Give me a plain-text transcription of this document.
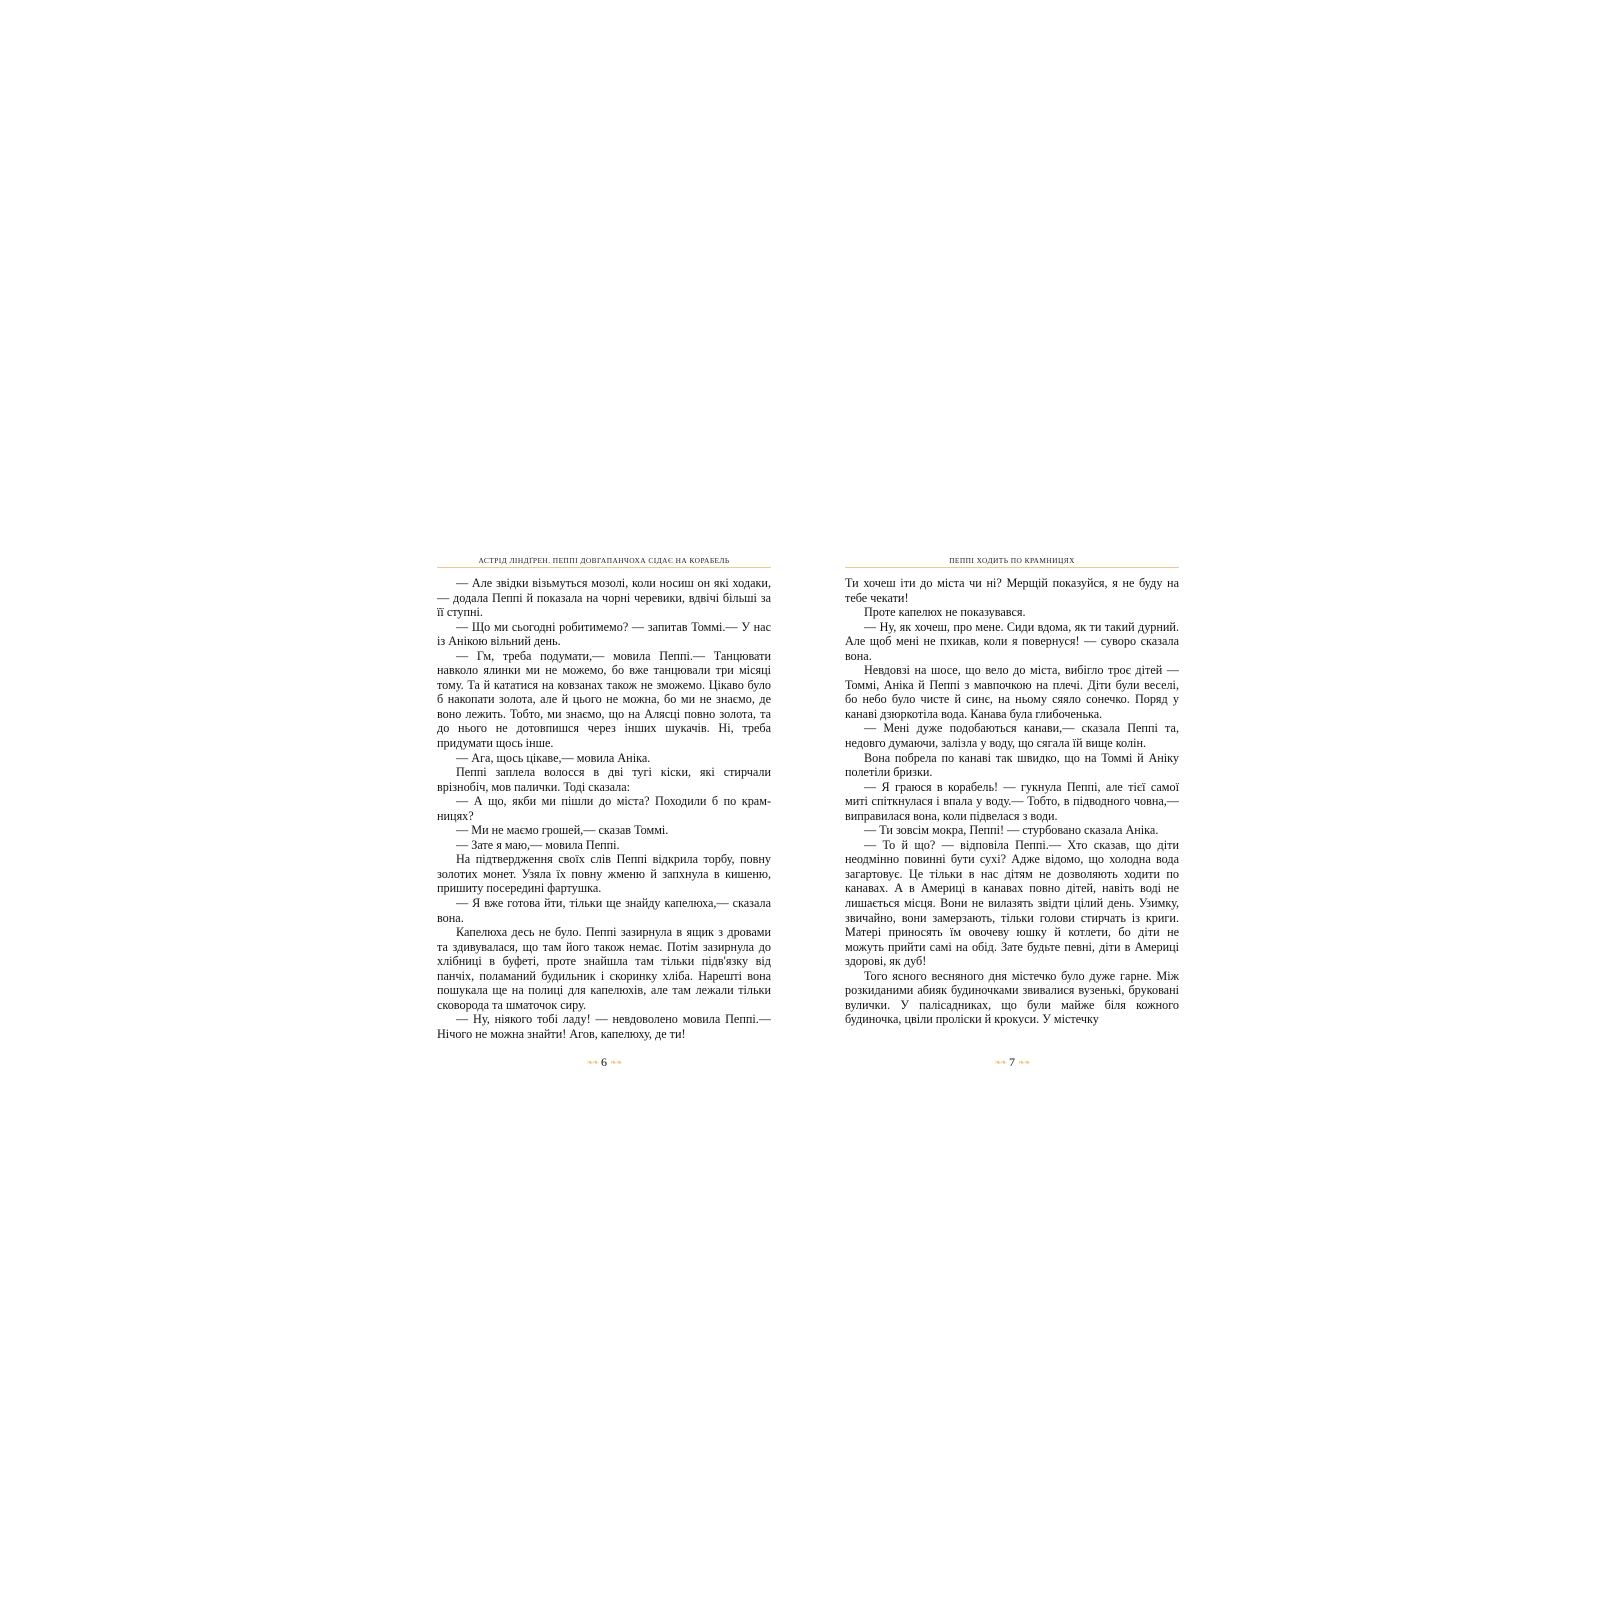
АСТРІД ЛІНДҐРЕН. ПЕППІ ДОВГАПАНЧОХА СІДАЄ НА КОРАБЕЛЬ

— Але звідки візьмуться мозолі, коли носиш он які ходаки,— додала Пеппі й показала на чорні черевики, вдвічі більші за її ступні.

— Що ми сьогодні робитимемо? — запитав Томмі.— У нас із Анікою вільний день.

— Гм, треба подумати,— мовила Пеппі.— Танцювати навколо ялинки ми не можемо, бо вже танцювали три місяці тому. Та й кататися на ковзанах також не зможемо. Цікаво було б накопати золота, але й цього не можна, бо ми не знаємо, де воно лежить. Тобто, ми знаємо, що на Алясці повно золота, та до нього не дотовпишся через інших шукачів. Ні, треба придумати щось інше.

— Ага, щось цікаве,— мовила Аніка.

Пеппі заплела волосся в дві тугі кіски, які стирчали врізнобіч, мов палички. Тоді сказала:

— А що, якби ми пішли до міста? Походили б по крамницях?

— Ми не маємо грошей,— сказав Томмі.

— Зате я маю,— мовила Пеппі.

На підтвердження своїх слів Пеппі відкрила торбу, повну золотих монет. Узяла їх повну жменю й запхнула в кишеню, пришиту посередині фартушка.

— Я вже готова йти, тільки ще знайду капелюха,— сказала вона.

Капелюха десь не було. Пеппі зазирнула в ящик з дровами та здивувалася, що там його також немає. Потім зазирнула до хлібниці в буфеті, проте знайшла там тільки підв'язку від панчіх, поламаний будильник і скоринку хліба. Нарешті вона пошукала ще на полиці для капелюхів, але там лежали тільки сковорода та шматочок сиру.

— Ну, ніякого тобі ладу! — невдоволено мовила Пеппі.— Нічого не можна знайти! Агов, капелюху, де ти!

❧❧ 6 ❧❧
ПЕППІ ХОДИТЬ ПО КРАМНИЦЯХ

Ти хочеш іти до міста чи ні? Мерщій показуйся, я не буду на тебе чекати!

Проте капелюх не показувався.

— Ну, як хочеш, про мене. Сиди вдома, як ти такий дурний. Але щоб мені не пхикав, коли я повернуся! — суворо сказала вона.

Невдовзі на шосе, що вело до міста, вибігло троє дітей — Томмі, Аніка й Пеппі з мавпочкою на плечі. Діти були веселі, бо небо було чисте й синє, на ньому сяяло сонечко. Поряд у канаві дзюркотіла вода. Канава була глибоченька.

— Мені дуже подобаються канави,— сказала Пеппі та, недовго думаючи, залізла у воду, що сягала їй вище колін.

Вона побрела по канаві так швидко, що на Томмі й Аніку полетіли бризки.

— Я граюся в корабель! — гукнула Пеппі, але тієї самої миті спіткнулася і впала у воду.— Тобто, в підводного човна,— виправилася вона, коли підвелася з води.

— Ти зовсім мокра, Пеппі! — стурбовано сказала Аніка.

— То й що? — відповіла Пеппі.— Хто сказав, що діти неодмінно повинні бути сухі? Адже відомо, що холодна вода загартовує. Це тільки в нас дітям не дозволяють ходити по канавах. А в Америці в канавах повно дітей, навіть воді не лишається місця. Вони не вилазять звідти цілий день. Узимку, звичайно, вони замерзають, тільки голови стирчать із криги. Матері приносять їм овочеву юшку й котлети, бо діти не можуть прийти самі на обід. Зате будьте певні, діти в Америці здорові, як дуб!

Того ясного весняного дня містечко було дуже гарне. Між розкиданими абияк будиночками звивалися вузенькі, бруковані вулички. У палісадниках, що були майже біля кожного будиночка, цвіли проліски й крокуси. У містечку

❧❧ 7 ❧❧
